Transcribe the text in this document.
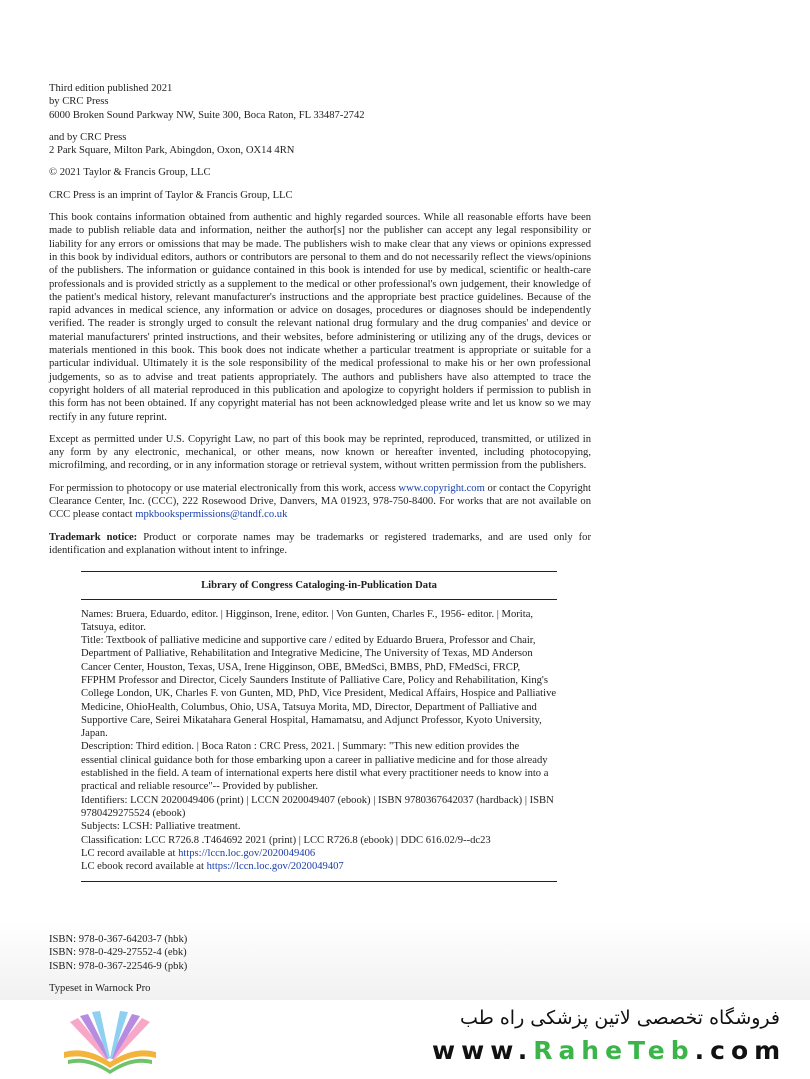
Third edition published 2021
by CRC Press
6000 Broken Sound Parkway NW, Suite 300, Boca Raton, FL 33487-2742

and by CRC Press
2 Park Square, Milton Park, Abingdon, Oxon, OX14 4RN

© 2021 Taylor & Francis Group, LLC

CRC Press is an imprint of Taylor & Francis Group, LLC

This book contains information obtained from authentic and highly regarded sources. While all reasonable efforts have been made to publish reliable data and information, neither the author[s] nor the publisher can accept any legal responsibility or liability for any errors or omissions that may be made. The publishers wish to make clear that any views or opinions expressed in this book by individual editors, authors or contributors are personal to them and do not necessarily reflect the views/opinions of the publishers. The information or guidance contained in this book is intended for use by medical, scientific or health-care professionals and is provided strictly as a supplement to the medical or other professional's own judgement, their knowledge of the patient's medical history, relevant manufacturer's instructions and the appropriate best practice guidelines. Because of the rapid advances in medical science, any information or advice on dosages, procedures or diagnoses should be independently verified. The reader is strongly urged to consult the relevant national drug formulary and the drug companies' and device or material manufacturers' printed instructions, and their websites, before administering or utilizing any of the drugs, devices or materials mentioned in this book. This book does not indicate whether a particular treatment is appropriate or suitable for a particular individual. Ultimately it is the sole responsibility of the medical professional to make his or her own professional judgements, so as to advise and treat patients appropriately. The authors and publishers have also attempted to trace the copyright holders of all material reproduced in this publication and apologize to copyright holders if permission to publish in this form has not been obtained. If any copyright material has not been acknowledged please write and let us know so we may rectify in any future reprint.

Except as permitted under U.S. Copyright Law, no part of this book may be reprinted, reproduced, transmitted, or utilized in any form by any electronic, mechanical, or other means, now known or hereafter invented, including photocopying, microfilming, and recording, or in any information storage or retrieval system, without written permission from the publishers.

For permission to photocopy or use material electronically from this work, access www.copyright.com or contact the Copyright Clearance Center, Inc. (CCC), 222 Rosewood Drive, Danvers, MA 01923, 978-750-8400. For works that are not available on CCC please contact mpkbookspermissions@tandf.co.uk

Trademark notice: Product or corporate names may be trademarks or registered trademarks, and are used only for identification and explanation without intent to infringe.

Library of Congress Cataloging-in-Publication Data

Names: Bruera, Eduardo, editor. | Higginson, Irene, editor. | Von Gunten, Charles F., 1956- editor. | Morita, Tatsuya, editor.

Title: Textbook of palliative medicine and supportive care / edited by Eduardo Bruera, Professor and Chair, Department of Palliative, Rehabilitation and Integrative Medicine, The University of Texas, MD Anderson Cancer Center, Houston, Texas, USA, Irene Higginson, OBE, BMedSci, BMBS, PhD, FMedSci, FRCP, FFPHM Professor and Director, Cicely Saunders Institute of Palliative Care, Policy and Rehabilitation, King's College London, UK, Charles F. von Gunten, MD, PhD, Vice President, Medical Affairs, Hospice and Palliative Medicine, OhioHealth, Columbus, Ohio, USA, Tatsuya Morita, MD, Director, Department of Palliative and Supportive Care, Seirei Mikatahara General Hospital, Hamamatsu, and Adjunct Professor, Kyoto University, Japan.

Description: Third edition. | Boca Raton : CRC Press, 2021. | Summary: "This new edition provides the essential clinical guidance both for those embarking upon a career in palliative medicine and for those already established in the field. A team of international experts here distil what every practitioner needs to know into a practical and reliable resource"-- Provided by publisher.

Identifiers: LCCN 2020049406 (print) | LCCN 2020049407 (ebook) | ISBN 9780367642037 (hardback) | ISBN 9780429275524 (ebook)

Subjects: LCSH: Palliative treatment.

Classification: LCC R726.8 .T464692 2021 (print) | LCC R726.8 (ebook) | DDC 616.02/9--dc23

LC record available at https://lccn.loc.gov/2020049406

LC ebook record available at https://lccn.loc.gov/2020049407

ISBN: 978-0-367-64203-7 (hbk)
ISBN: 978-0-429-27552-4 (ebk)
ISBN: 978-0-367-22546-9 (pbk)
Typeset in Warnock Pro
فروشگاه تخصصی لاتین پزشکی راه طب
www.RaheTeb.com
